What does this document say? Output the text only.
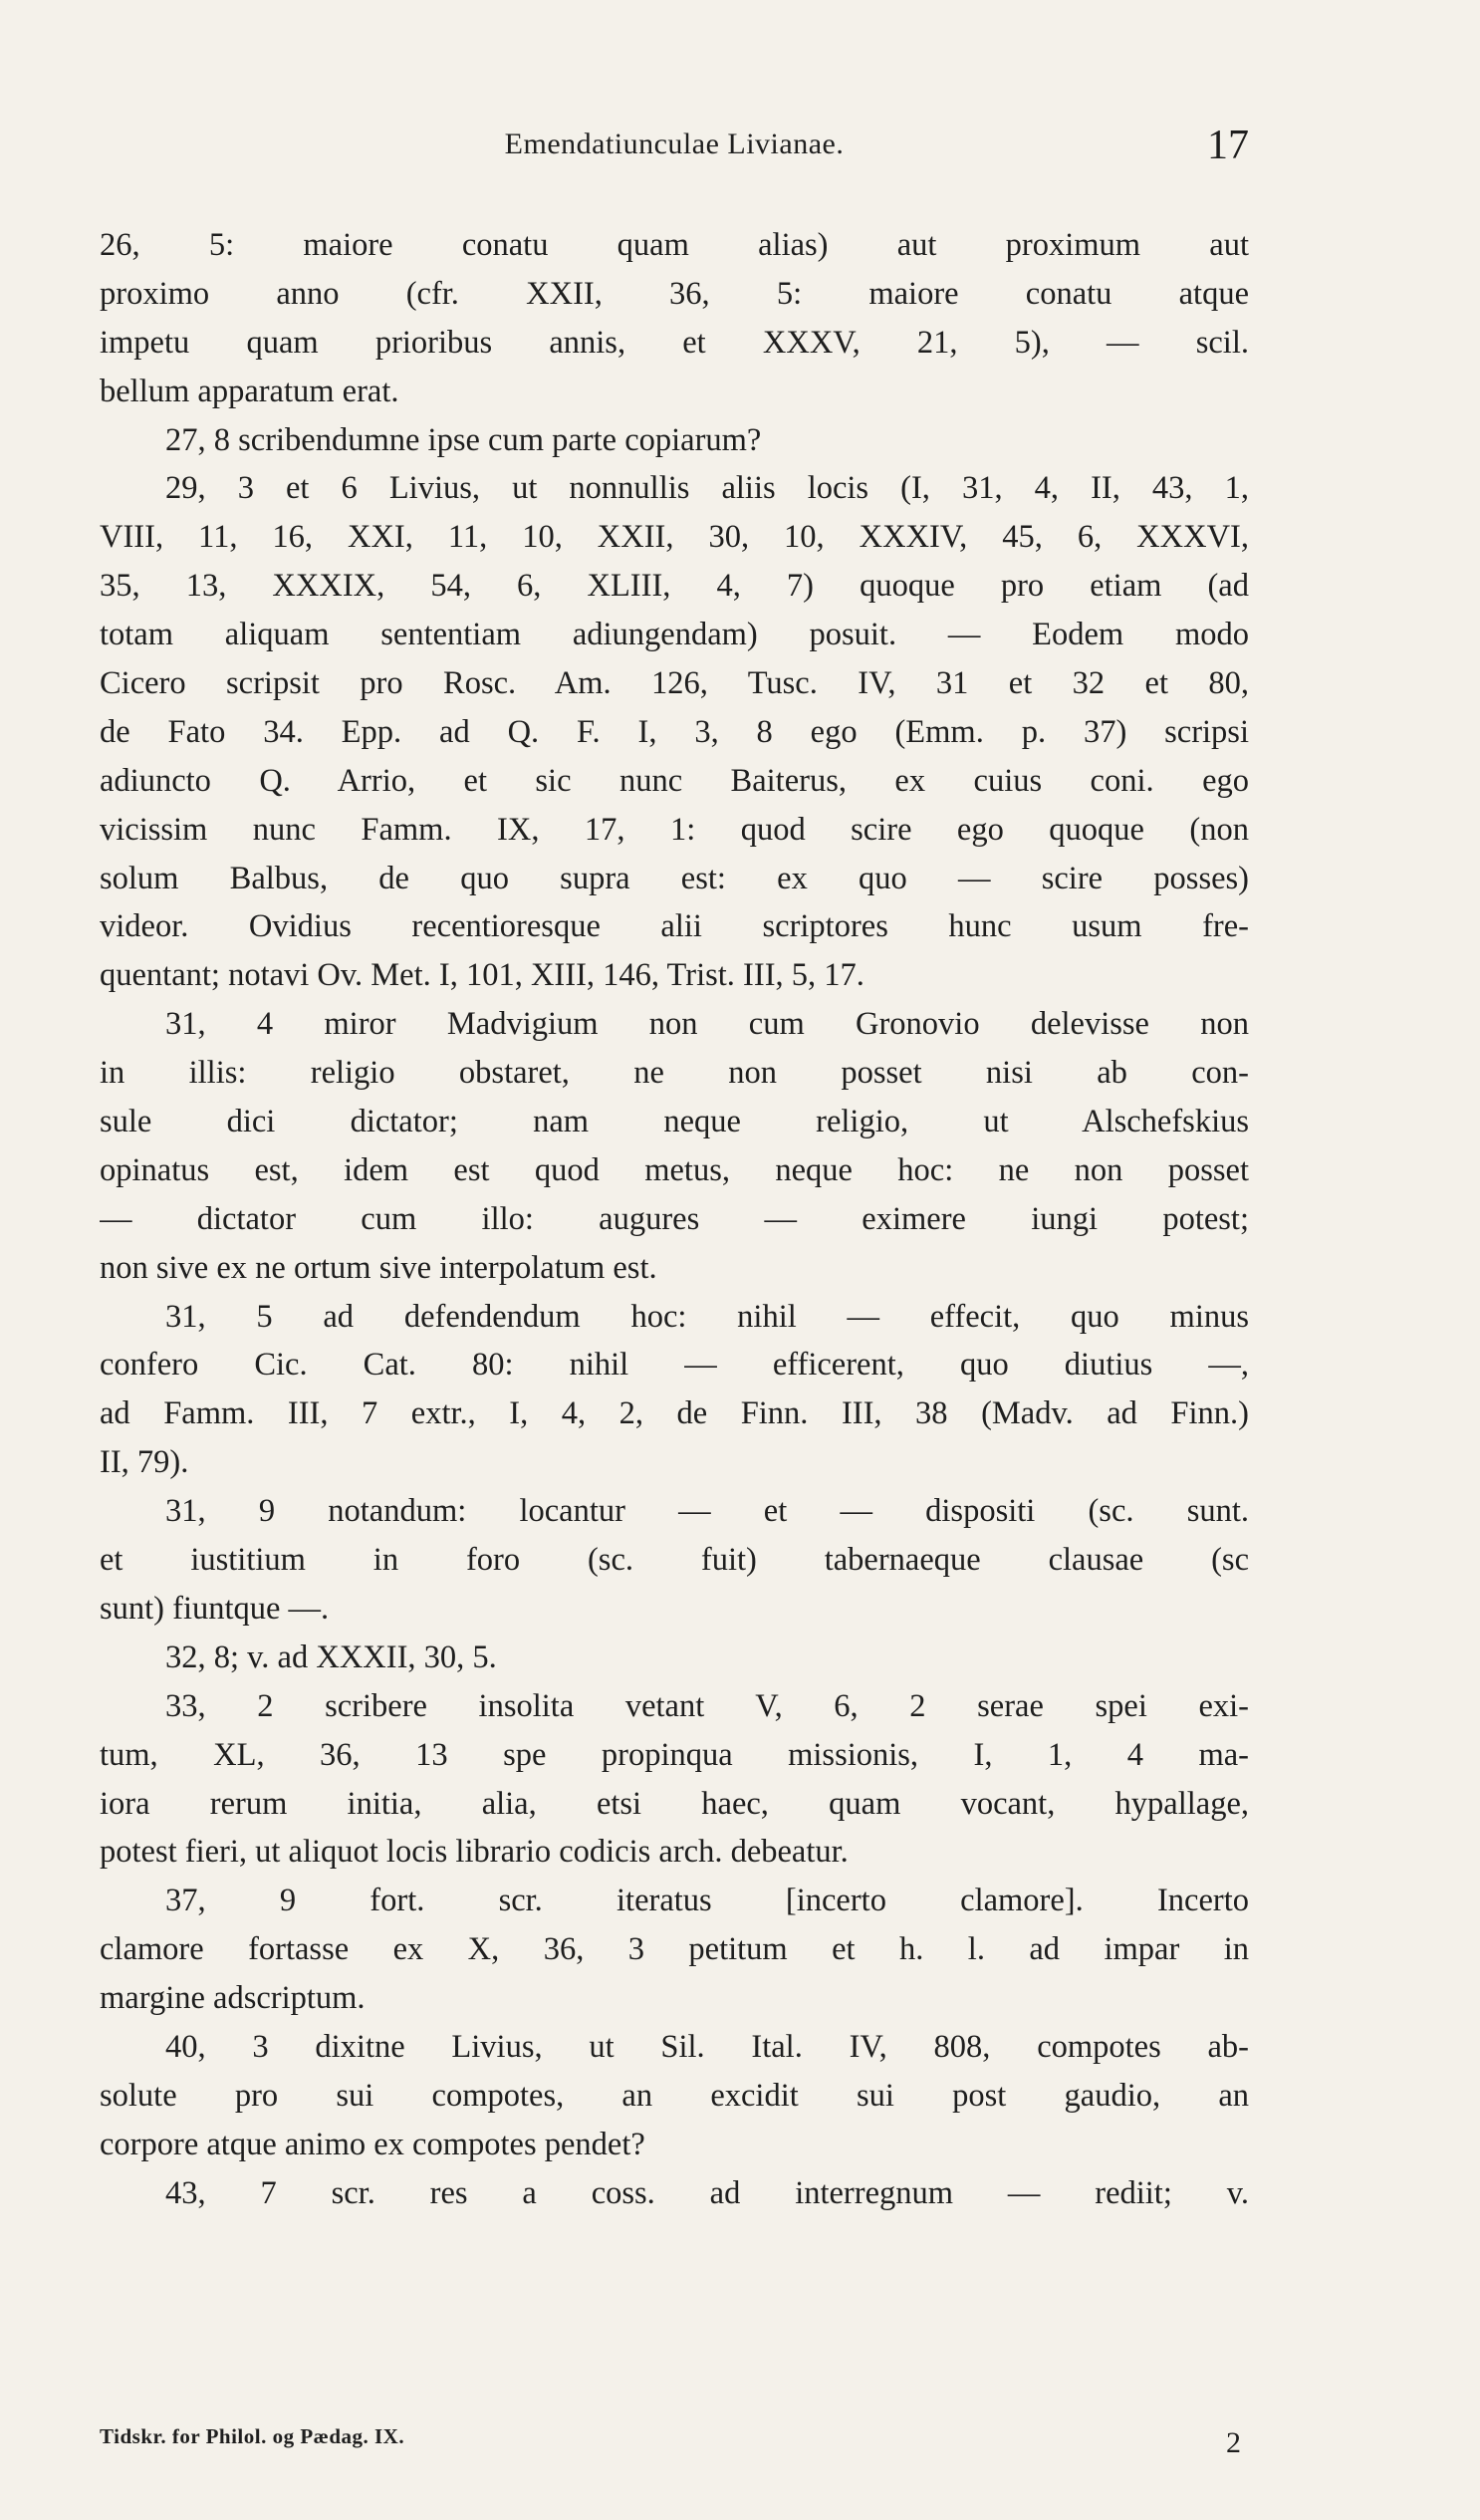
Emendatiunculae Livianae.	17
26, 5: maiore conatu quam alias) aut proximum aut
proximo anno (cfr. XXII, 36, 5: maiore conatu atque
impetu quam prioribus annis, et XXXV, 21, 5), — scil.
bellum apparatum erat.
27, 8 scribendumne ipse cum parte copiarum?
29, 3 et 6 Livius, ut nonnullis aliis locis (I, 31, 4, II, 43, 1,
VIII, 11, 16, XXI, 11, 10, XXII, 30, 10, XXXIV, 45, 6, XXXVI,
35, 13, XXXIX, 54, 6, XLIII, 4, 7) quoque pro etiam (ad
totam aliquam sententiam adiungendam) posuit. — Eodem modo
Cicero scripsit pro Rosc. Am. 126, Tusc. IV, 31 et 32 et 80,
de Fato 34. Epp. ad Q. F. I, 3, 8 ego (Emm. p. 37) scripsi
adiuncto Q. Arrio, et sic nunc Baiterus, ex cuius coni. ego
vicissim nunc Famm. IX, 17, 1: quod scire ego quoque (non
solum Balbus, de quo supra est: ex quo — scire posses)
videor. Ovidius recentioresque alii scriptores hunc usum fre-
quentant; notavi Ov. Met. I, 101, XIII, 146, Trist. III, 5, 17.
31, 4 miror Madvigium non cum Gronovio delevisse non
in illis: religio obstaret, ne non posset nisi ab con-
sule dici dictator; nam neque religio, ut Alschefskius
opinatus est, idem est quod metus, neque hoc: ne non posset
— dictator cum illo: augures — eximere iungi potest;
non sive ex ne ortum sive interpolatum est.
31, 5 ad defendendum hoc: nihil — effecit, quo minus
confero Cic. Cat. 80: nihil — efficerent, quo diutius —,
ad Famm. III, 7 extr., I, 4, 2, de Finn. III, 38 (Madv. ad Finn.)
II, 79).
31, 9 notandum: locantur — et — dispositi (sc. sunt.
et iustitium in foro (sc. fuit) tabernaeque clausae (sc
sunt) fiuntque —.
32, 8; v. ad XXXII, 30, 5.
33, 2 scribere insolita vetant V, 6, 2 serae spei exi-
tum, XL, 36, 13 spe propinqua missionis, I, 1, 4 ma-
iora rerum initia, alia, etsi haec, quam vocant, hypallage,
potest fieri, ut aliquot locis librario codicis arch. debeatur.
37, 9 fort. scr. iteratus [incerto clamore]. Incerto
clamore fortasse ex X, 36, 3 petitum et h. l. ad impar in
margine adscriptum.
40, 3 dixitne Livius, ut Sil. Ital. IV, 808, compotes ab-
solute pro sui compotes, an excidit sui post gaudio, an
corpore atque animo ex compotes pendet?
43, 7 scr. res a coss. ad interregnum — rediit; v.
Tidskr. for Philol. og Pædag. IX.	2
